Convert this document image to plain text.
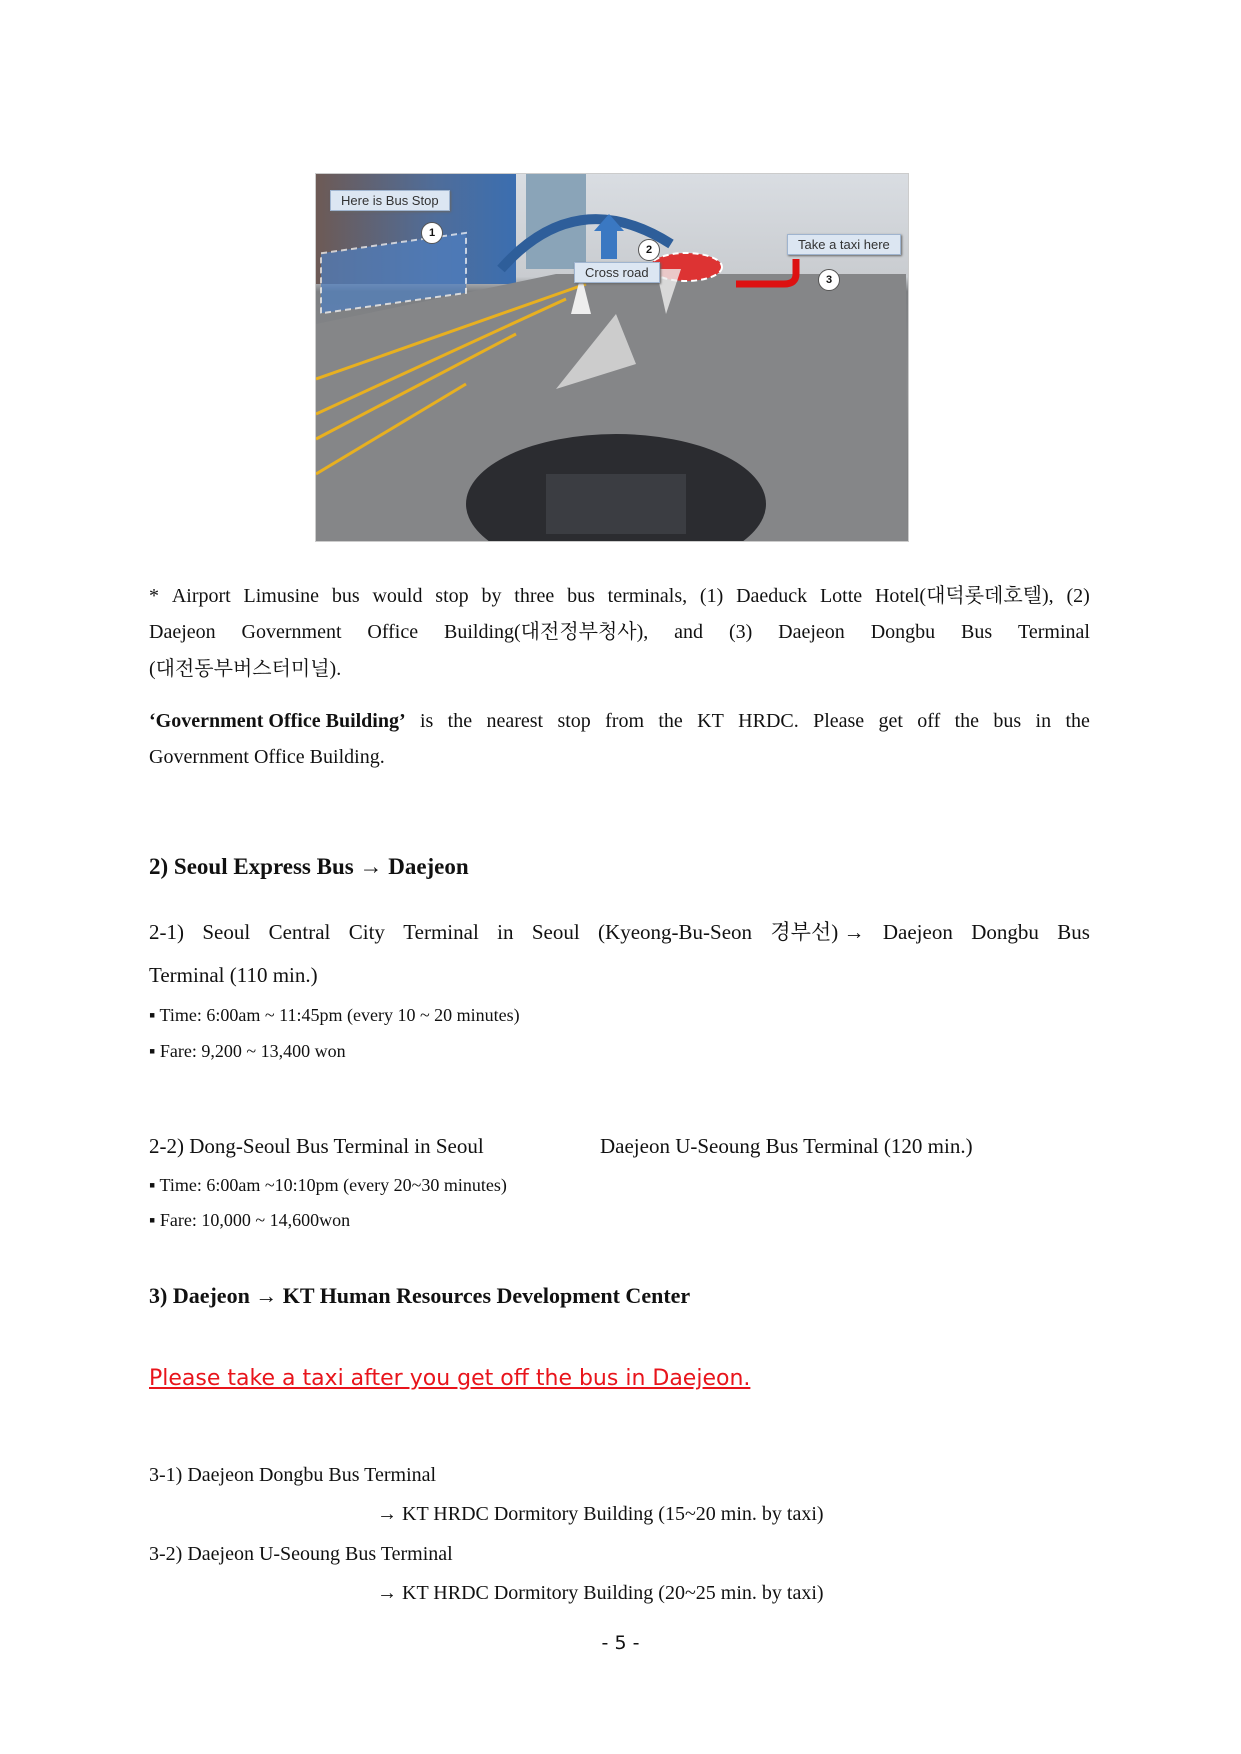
Here is Bus Stop
Cross road
Take a taxi here
1
2
3
* Airport Limusine bus would stop by three bus terminals, (1) Daeduck Lotte Hotel(대덕롯데호텔), (2)
Daejeon Government Office Building(대전정부청사), and (3) Daejeon Dongbu Bus Terminal
(대전동부버스터미널).
‘Government Office Building’ is the nearest stop from the KT HRDC. Please get off the bus in the
Government Office Building.
2) Seoul Express Bus → Daejeon
2-1) Seoul Central City Terminal in Seoul (Kyeong-Bu-Seon 경부선) → Daejeon Dongbu Bus
Terminal (110 min.)
▪ Time: 6:00am ~ 11:45pm (every 10 ~ 20 minutes)
▪ Fare: 9,200 ~ 13,400 won
2-2) Dong-Seoul Bus Terminal in Seoul	Daejeon U-Seoung Bus Terminal (120 min.)
▪ Time: 6:00am ~10:10pm (every 20~30 minutes)
▪ Fare: 10,000 ~ 14,600won
3) Daejeon → KT Human Resources Development Center
Please take a taxi after you get off the bus in Daejeon.
3-1) Daejeon Dongbu Bus Terminal
→ KT HRDC Dormitory Building (15~20 min. by taxi)
3-2) Daejeon U-Seoung Bus Terminal
→ KT HRDC Dormitory Building (20~25 min. by taxi)
- 5 -
